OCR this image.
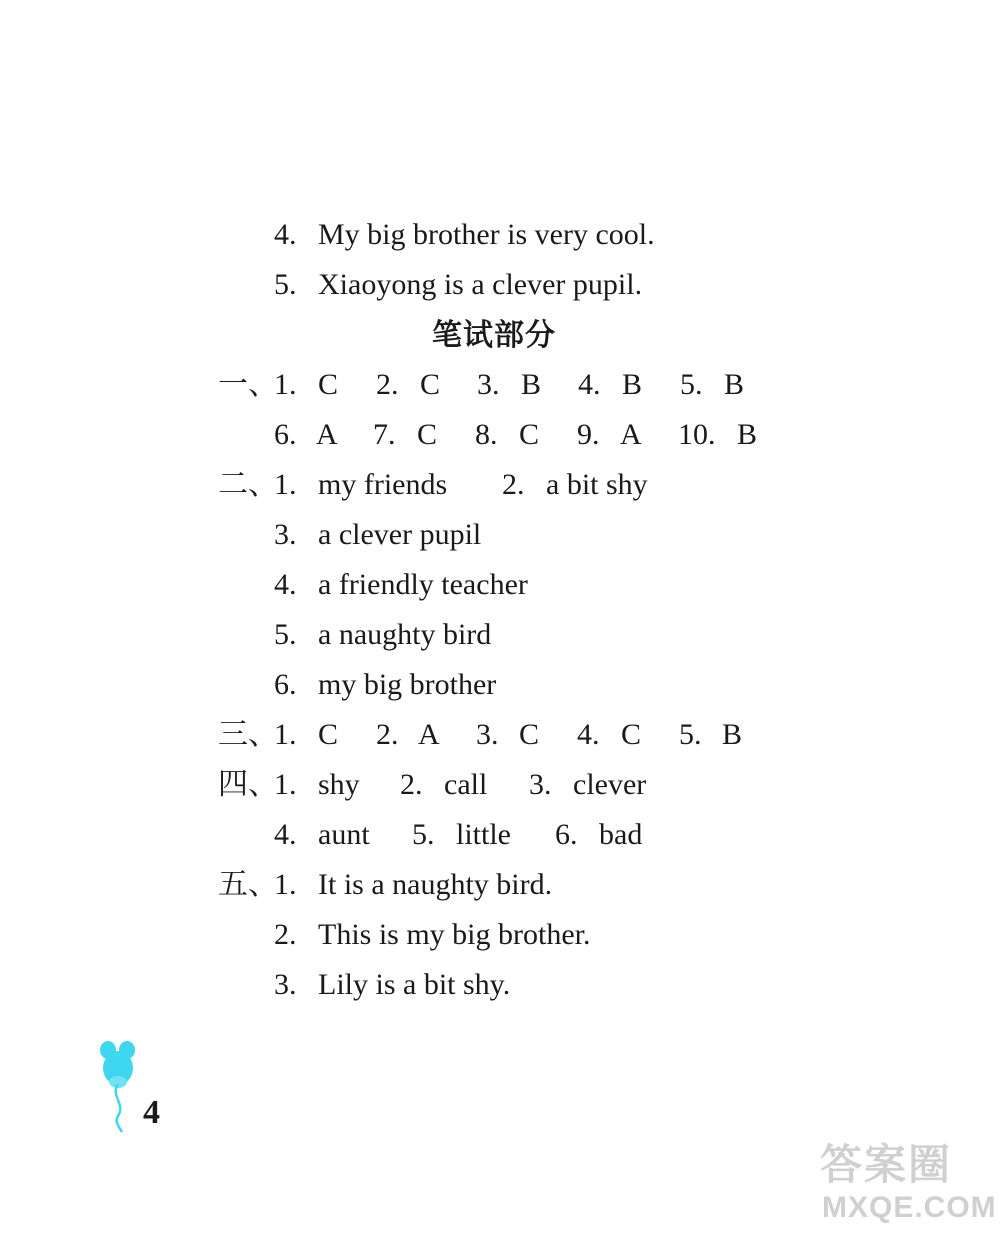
4. My big brother is very cool.
5. Xiaoyong is a clever pupil.
笔试部分
一、
1. C 2. C 3. B 4. B 5. B
6. A 7. C 8. C 9. A 10. B
二、
1. my friends 2. a bit shy
3. a clever pupil
4. a friendly teacher
5. a naughty bird
6. my big brother
三、
1. C 2. A 3. C 4. C 5. B
四、
1. shy 2. call 3. clever
4. aunt 5. little 6. bad
五、
1. It is a naughty bird.
2. This is my big brother.
3. Lily is a bit shy.
4
答案圈
MXQE.COM
